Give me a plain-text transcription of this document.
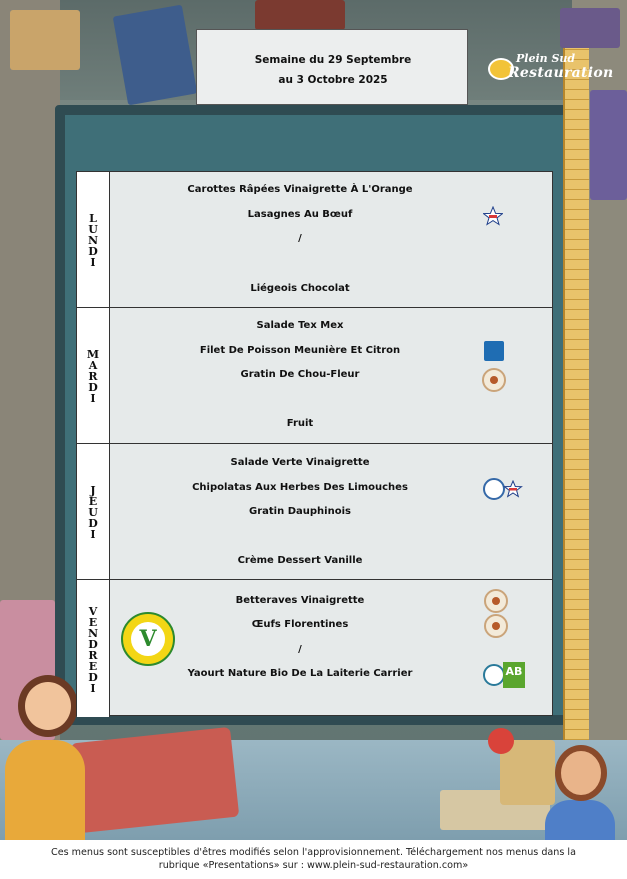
Semaine du 29 Septembre
au 3 Octobre 2025
Plein Sud
Restauration
LUNDI
Carottes Râpées Vinaigrette À L'Orange
Lasagnes Au Bœuf
/
Liégeois Chocolat
MARDI
Salade Tex Mex
Filet De Poisson Meunière Et Citron
Gratin De Chou-Fleur
Fruit
JEUDI
Salade Verte Vinaigrette
Chipolatas Aux Herbes Des Limouches
Gratin Dauphinois
Crème Dessert Vanille
VENDREDI	V
Betteraves Vinaigrette
Œufs Florentines
/
Yaourt Nature Bio De La Laiterie Carrier	AB
Ces menus sont susceptibles d'êtres modifiés selon l'approvisionnement. Téléchargement nos menus dans la
rubrique «Presentations» sur : www.plein-sud-restauration.com»
